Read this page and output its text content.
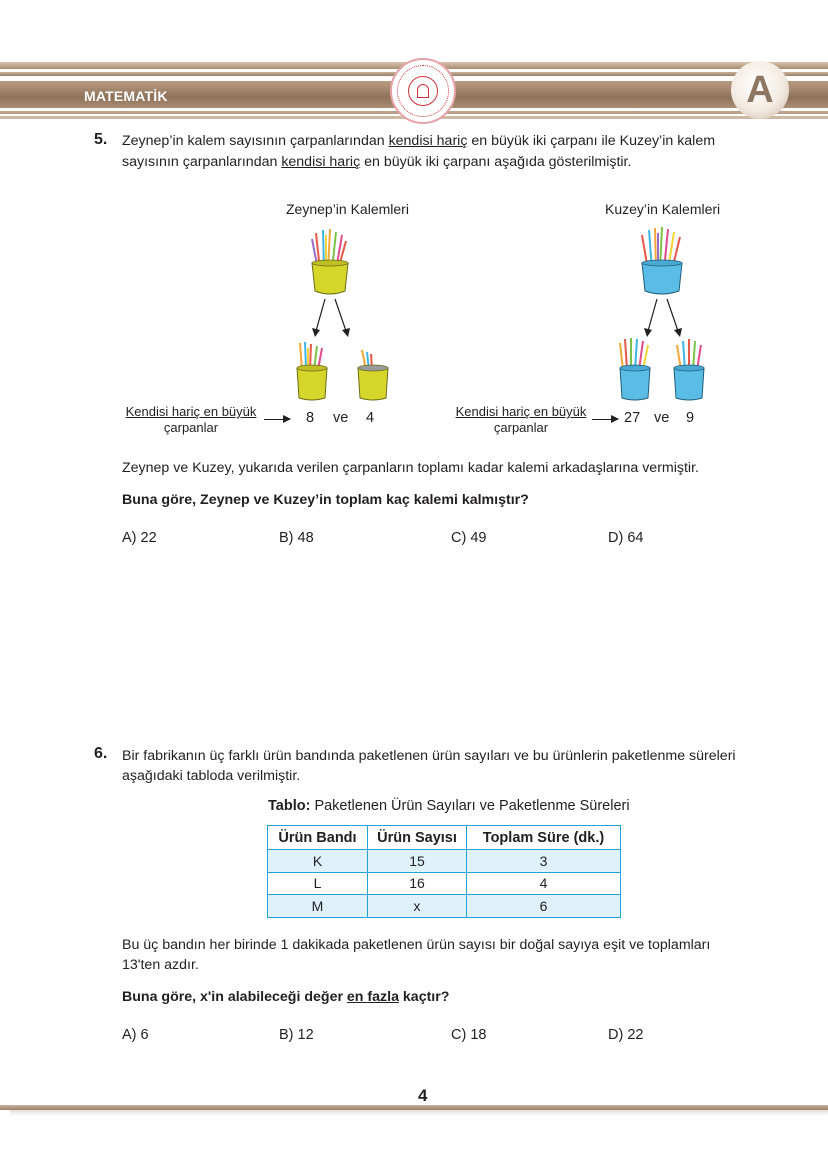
MATEMATİK	A
5. Zeynep’in kalem sayısının çarpanlarından kendisi hariç en büyük iki çarpanı ile Kuzey’in kalem
sayısının çarpanlarından kendisi hariç en büyük iki çarpanı aşağıda gösterilmiştir.
Zeynep’in Kalemleri
Kendisi hariç en büyük
çarpanlar
8 ve 4
Kuzey’in Kalemleri
Kendisi hariç en büyük
çarpanlar
27 ve 9
Zeynep ve Kuzey, yukarıda verilen çarpanların toplamı kadar kalemi arkadaşlarına vermiştir.
Buna göre, Zeynep ve Kuzey’in toplam kaç kalemi kalmıştır?
A) 22	B) 48	C) 49	D) 64
6. Bir fabrikanın üç farklı ürün bandında paketlenen ürün sayıları ve bu ürünlerin paketlenme süreleri
aşağıdaki tabloda verilmiştir.
Tablo: Paketlenen Ürün Sayıları ve Paketlenme Süreleri
Ürün Bandı	Ürün Sayısı	Toplam Süre (dk.)
K	15	3
L	16	4
M	x	6
Bu üç bandın her birinde 1 dakikada paketlenen ürün sayısı bir doğal sayıya eşit ve toplamları
13'ten azdır.
Buna göre, x'in alabileceği değer en fazla kaçtır?
A) 6	B) 12	C) 18	D) 22
4
